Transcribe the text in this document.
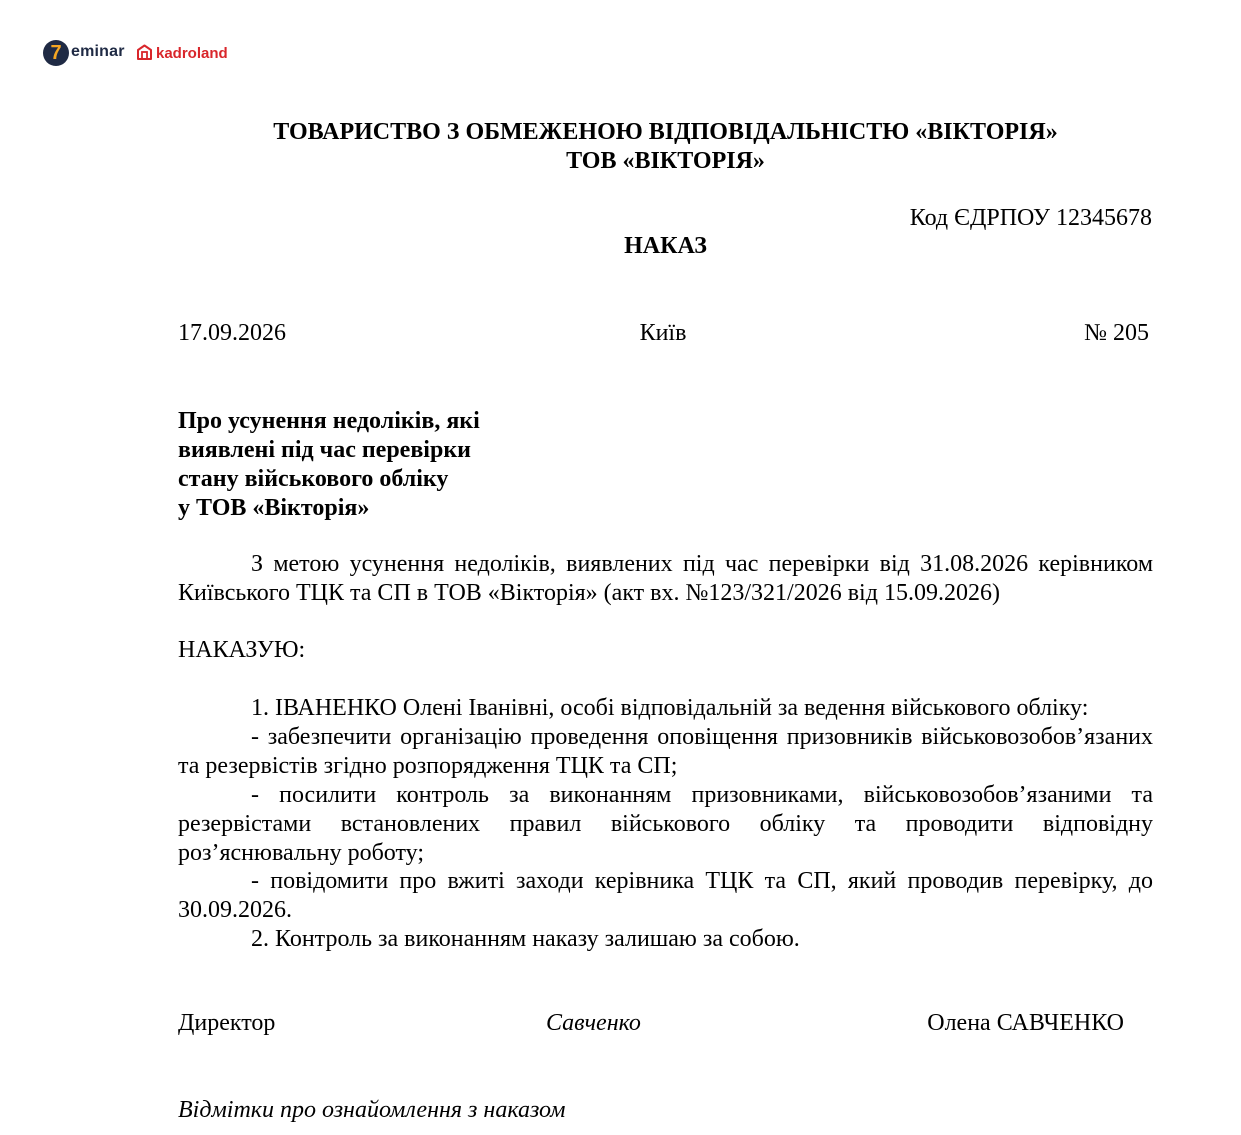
7 eminar kadroland
ТОВАРИСТВО З ОБМЕЖЕНОЮ ВІДПОВІДАЛЬНІСТЮ «ВІКТОРІЯ»
ТОВ «ВІКТОРІЯ»
Код ЄДРПОУ 12345678
НАКАЗ
17.09.2026	Київ	№ 205
Про усунення недоліків, які
виявлені під час перевірки
стану військового обліку
у ТОВ «Вікторія»
З метою усунення недоліків, виявлених під час перевірки від 31.08.2026 керівником Київського ТЦК та СП в ТОВ «Вікторія» (акт вх. №123/321/2026 від 15.09.2026)
НАКАЗУЮ:
1. ІВАНЕНКО Олені Іванівні, особі відповідальній за ведення військового обліку:
- забезпечити організацію проведення оповіщення призовників військовозобов’язаних та резервістів згідно розпорядження ТЦК та СП;
- посилити контроль за виконанням призовниками, військовозобов’язаними та резервістами встановлених правил військового обліку та проводити відповідну роз’яснювальну роботу;
- повідомити про вжиті заходи керівника ТЦК та СП, який проводив перевірку, до 30.09.2026.
2. Контроль за виконанням наказу залишаю за собою.
Директор	Савченко	Олена САВЧЕНКО
Відмітки про ознайомлення з наказом
